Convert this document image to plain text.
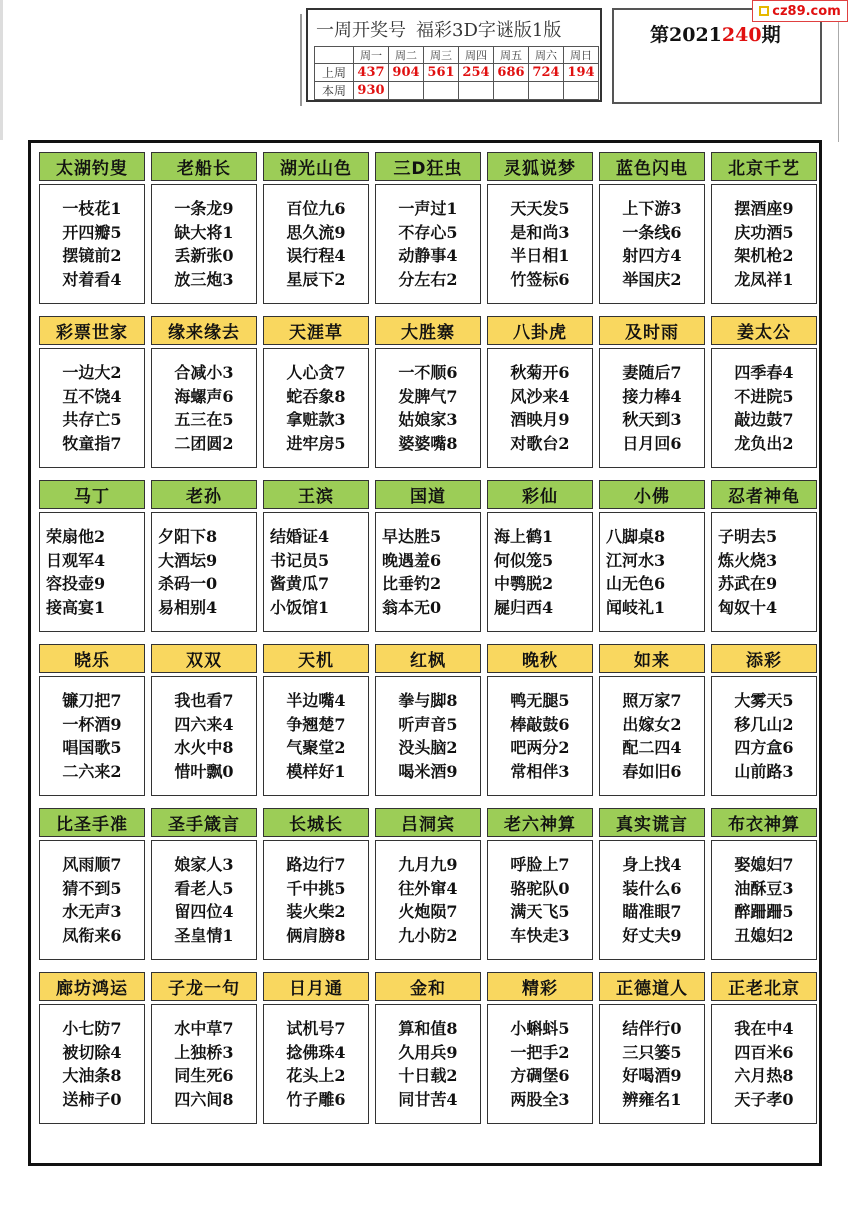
一周开奖号 福彩3D字谜版1版
	周一	周二	周三	周四	周五	周六	周日
上周	437	904	561	254	686	724	194
本周	930						
第2021240期
cz89.com
太湖钓叟
一枝花1
开四瓣5
摆镜前2
对着看4
老船长
一条龙9
缺大将1
丢新张0
放三炮3
湖光山色
百位九6
思久流9
误行程4
星辰下2
三D狂虫
一声过1
不存心5
动静事4
分左右2
灵狐说梦
天天发5
是和尚3
半日相1
竹签标6
蓝色闪电
上下游3
一条线6
射四方4
举国庆2
北京千艺
摆酒座9
庆功酒5
架机枪2
龙凤祥1
彩票世家
一边大2
互不饶4
共存亡5
牧童指7
缘来缘去
合减小3
海螺声6
五三在5
二团圆2
天涯草
人心贪7
蛇吞象8
拿赃款3
进牢房5
大胜寨
一不顺6
发脾气7
姑娘家3
婆婆嘴8
八卦虎
秋菊开6
风沙来4
酒映月9
对歌台2
及时雨
妻随后7
接力棒4
秋天到3
日月回6
姜太公
四季春4
不进院5
敲边鼓7
龙负出2
马丁
荣扇他2
日观军4
容投壶9
接高宴1
老孙
夕阳下8
大酒坛9
杀码一0
易相别4
王滨
结婚证4
书记员5
酱黄瓜7
小饭馆1
国道
早达胜5
晚遇羞6
比垂钓2
翁本无0
彩仙
海上鹤1
何似笼5
中鹗脱2
屣归西4
小佛
八脚桌8
江河水3
山无色6
闻岐礼1
忍者神龟
子明去5
炼火烧3
苏武在9
匈奴十4
晓乐
镰刀把7
一杯酒9
唱国歌5
二六来2
双双
我也看7
四六来4
水火中8
惜叶飘0
天机
半边嘴4
争翘楚7
气聚堂2
模样好1
红枫
拳与脚8
听声音5
没头脑2
喝米酒9
晚秋
鸭无腿5
棒敲鼓6
吧两分2
常相伴3
如来
照万家7
出嫁女2
配二四4
春如旧6
添彩
大雾天5
移几山2
四方盒6
山前路3
比圣手准
风雨顺7
猜不到5
水无声3
凤衔来6
圣手箴言
娘家人3
看老人5
留四位4
圣皇情1
长城长
路边行7
千中挑5
装火柴2
俩肩膀8
吕洞宾
九月九9
往外窜4
火炮陨7
九小防2
老六神算
呼脸上7
骆驼队0
满天飞5
车快走3
真实谎言
身上找4
装什么6
瞄准眼7
好丈夫9
布衣神算
娶媳妇7
油酥豆3
醉跚跚5
丑媳妇2
廊坊鸿运
小七防7
被切除4
大油条8
送柿子0
子龙一句
水中草7
上独桥3
同生死6
四六间8
日月通
试机号7
捻佛珠4
花头上2
竹子雕6
金和
算和值8
久用兵9
十日载2
同甘苦4
精彩
小蝌蚪5
一把手2
方碉堡6
两股全3
正德道人
结伴行0
三只篓5
好喝酒9
辨雍名1
正老北京
我在中4
四百米6
六月热8
天子孝0
